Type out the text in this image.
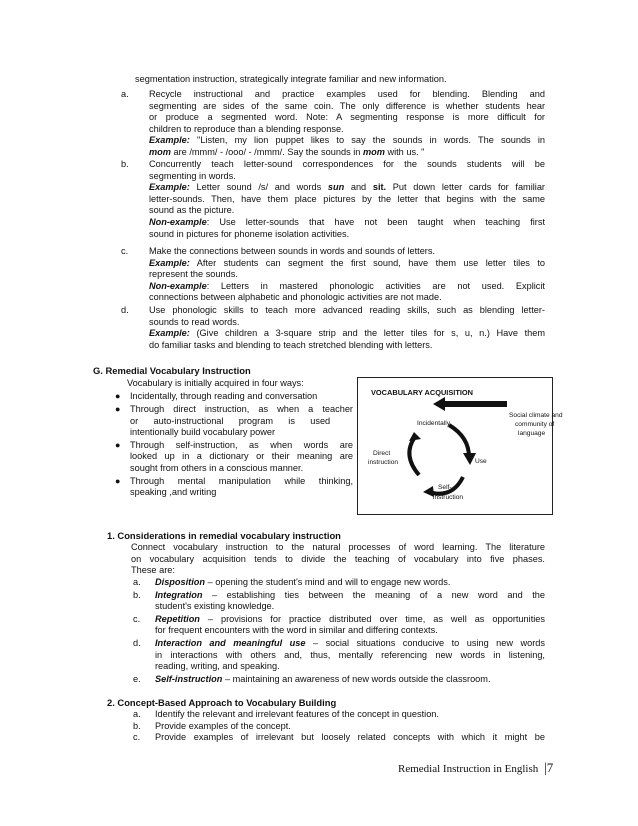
segmentation instruction, strategically integrate familiar and new information.
a.	Recycle instructional and practice examples used for blending. Blending and
segmenting are sides of the same coin. The only difference is whether students hear
or produce a segmented word. Note: A segmenting response is more difficult for
children to reproduce than a blending response.
Example: "Listen, my lion puppet likes to say the sounds in words. The sounds in
mom are /mmm/ - /ooo/ - /mmm/. Say the sounds in mom with us. "
b.	Concurrently teach letter-sound correspondences for the sounds students will be
segmenting in words.
Example: Letter sound /s/ and words sun and sit. Put down letter cards for familiar
letter-sounds. Then, have them place pictures by the letter that begins with the same
sound as the picture.
Non-example: Use letter-sounds that have not been taught when teaching first
sound in pictures for phoneme isolation activities.
c.	Make the connections between sounds in words and sounds of letters.
Example: After students can segment the first sound, have them use letter tiles to
represent the sounds.
Non-example: Letters in mastered phonologic activities are not used. Explicit
connections between alphabetic and phonologic activities are not made.
d.	Use phonologic skills to teach more advanced reading skills, such as blending letter-
sounds to read words.
Example: (Give children a 3-square strip and the letter tiles for s, u, n.) Have them
do familiar tasks and blending to teach stretched blending with letters.
G. Remedial Vocabulary Instruction
Vocabulary is initially acquired in four ways:
● Incidentally, through reading and conversation
● Through direct instruction, as when a teacher
or      auto-instructional      program      is      used
intentionally build vocabulary power
● Through self-instruction, as when words are
looked up in a dictionary or their meaning are
sought from others in a conscious manner.
● Through mental manipulation while thinking,
speaking ,and writing
VOCABULARY ACQUISITION
Incidentally
Social climate and
community of
language
Direct
instruction	Use
Self-
instruction
1. Considerations in remedial vocabulary instruction
Connect vocabulary instruction to the natural processes of word learning. The literature
on vocabulary acquisition tends to divide the teaching of vocabulary into five phases.
These are:
a. Disposition – opening the student's mind and will to engage new words.
b. Integration – establishing ties between the meaning of a new word and the
student's existing knowledge.
c. Repetition – provisions for practice distributed over time, as well as opportunities
for frequent encounters with the word in similar and differing contexts.
d. Interaction and meaningful use – social situations conducive to using new words
in interactions with others and, thus, mentally referencing new words in listening,
reading, writing, and speaking.
e. Self-instruction – maintaining an awareness of new words outside the classroom.
2. Concept-Based Approach to Vocabulary Building
a. Identify the relevant and irrelevant features of the concept in question.
b. Provide examples of the concept.
c. Provide examples of irrelevant but loosely related concepts with which it might be
Remedial Instruction in English |7
